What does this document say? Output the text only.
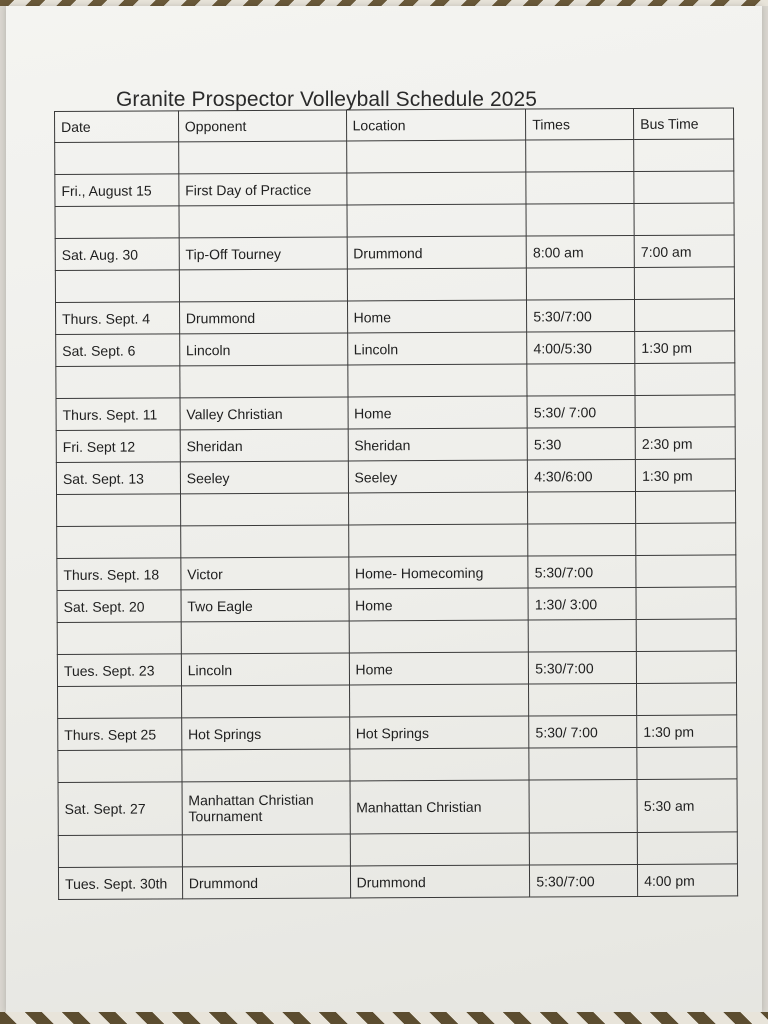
Granite Prospector Volleyball Schedule 2025
Date	Opponent	Location	Times	Bus Time

Fri., August 15	First Day of Practice			

Sat. Aug. 30	Tip-Off Tourney	Drummond	8:00 am	7:00 am

Thurs. Sept. 4	Drummond	Home	5:30/7:00	
Sat. Sept. 6	Lincoln	Lincoln	4:00/5:30	1:30 pm

Thurs. Sept. 11	Valley Christian	Home	5:30/ 7:00	
Fri. Sept 12	Sheridan	Sheridan	5:30	2:30 pm
Sat. Sept. 13	Seeley	Seeley	4:30/6:00	1:30 pm

Thurs. Sept. 18	Victor	Home- Homecoming	5:30/7:00	
Sat. Sept. 20	Two Eagle	Home	1:30/ 3:00	

Tues. Sept. 23	Lincoln	Home	5:30/7:00	

Thurs. Sept 25	Hot Springs	Hot Springs	5:30/ 7:00	1:30 pm

Sat. Sept. 27	Manhattan Christian Tournament	Manhattan Christian		5:30 am

Tues. Sept. 30th	Drummond	Drummond	5:30/7:00	4:00 pm
